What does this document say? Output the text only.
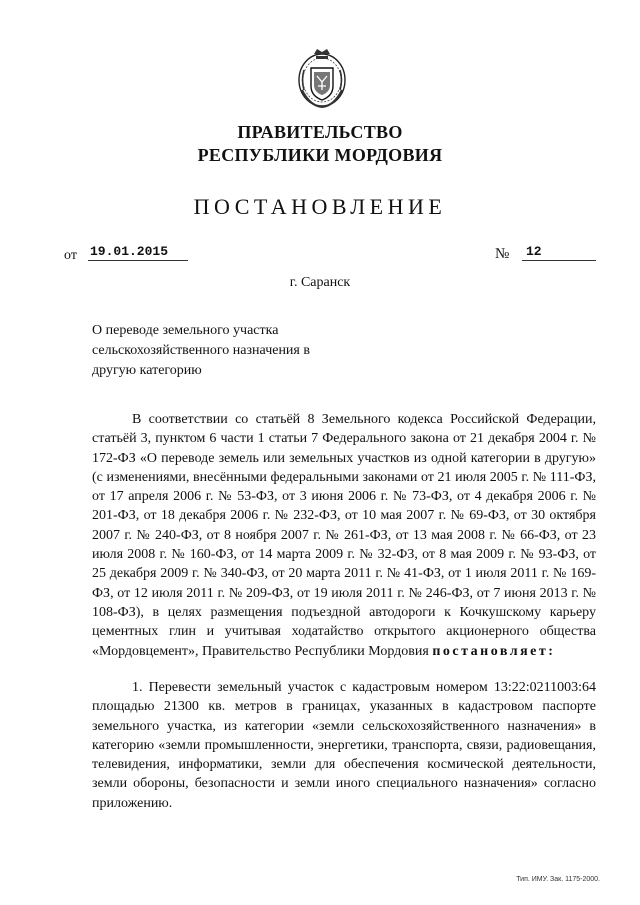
ПРАВИТЕЛЬСТВО
РЕСПУБЛИКИ МОРДОВИЯ
ПОСТАНОВЛЕНИЕ
от 19.01.2015	№	12
г. Саранск
О переводе земельного участка
сельскохозяйственного назначения в
другую категорию
В соответствии со статьёй 8 Земельного кодекса Российской Федерации, статьёй 3, пунктом 6 части 1 статьи 7 Федерального закона от 21 декабря 2004 г. № 172-ФЗ «О переводе земель или земельных участков из одной категории в другую» (с изменениями, внесёнными федеральными законами от 21 июля 2005 г. № 111-ФЗ, от 17 апреля 2006 г. № 53-ФЗ, от 3 июня 2006 г. № 73-ФЗ, от 4 декабря 2006 г. № 201-ФЗ, от 18 декабря 2006 г. № 232-ФЗ, от 10 мая 2007 г. № 69-ФЗ, от 30 октября 2007 г. № 240-ФЗ, от 8 ноября 2007 г. № 261-ФЗ, от 13 мая 2008 г. № 66-ФЗ, от 23 июля 2008 г. № 160-ФЗ, от 14 марта 2009 г. № 32-ФЗ, от 8 мая 2009 г. № 93-ФЗ, от 25 декабря 2009 г. № 340-ФЗ, от 20 марта 2011 г. № 41-ФЗ, от 1 июля 2011 г. № 169-ФЗ, от 12 июля 2011 г. № 209-ФЗ, от 19 июля 2011 г. № 246-ФЗ, от 7 июня 2013 г. № 108-ФЗ), в целях размещения подъездной автодороги к Кочкушскому карьеру цементных глин и учитывая ходатайство открытого акционерного общества «Мордовцемент», Правительство Республики Мордовия постановляет:
1. Перевести земельный участок с кадастровым номером 13:22:0211003:64 площадью 21300 кв. метров в границах, указанных в кадастровом паспорте земельного участка, из категории «земли сельскохозяйственного назначения» в категорию «земли промышленности, энергетики, транспорта, связи, радиовещания, телевидения, информатики, земли для обеспечения космической деятельности, земли обороны, безопасности и земли иного специального назначения» согласно приложению.
Тип. ИМУ. Зак. 1175-2000.
